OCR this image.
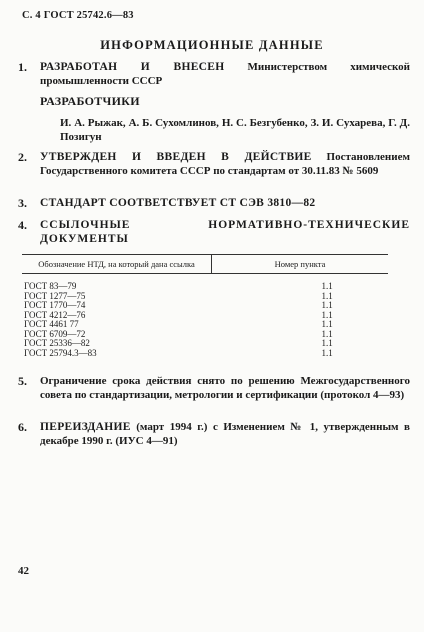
С. 4 ГОСТ 25742.6—83
ИНФОРМАЦИОННЫЕ ДАННЫЕ
1. РАЗРАБОТАН И ВНЕСЕН Министерством химической промышленности СССР
РАЗРАБОТЧИКИ
И. А. Рыжак, А. Б. Сухомлинов, Н. С. Безгубенко, З. И. Сухарева, Г. Д. Позигун
2. УТВЕРЖДЕН И ВВЕДЕН В ДЕЙСТВИЕ Постановлением Государственного комитета СССР по стандартам от 30.11.83 № 5609
3. СТАНДАРТ СООТВЕТСТВУЕТ СТ СЭВ 3810—82
4. ССЫЛОЧНЫЕ НОРМАТИВНО-ТЕХНИЧЕСКИЕ ДОКУМЕНТЫ
Обозначение НТД, на который дана ссылка	Номер пункта

ГОСТ 83—79	1.1
ГОСТ 1277—75	1.1
ГОСТ 1770—74	1.1
ГОСТ 4212—76	1.1
ГОСТ 4461 77	1.1
ГОСТ 6709—72	1.1
ГОСТ 25336—82	1.1
ГОСТ 25794.3—83	1.1
5. Ограничение срока действия снято по решению Межгосударственного совета по стандартизации, метрологии и сертификации (протокол 4—93)
6. ПЕРЕИЗДАНИЕ (март 1994 г.) с Изменением № 1, утвержденным в декабре 1990 г. (ИУС 4—91)
42
